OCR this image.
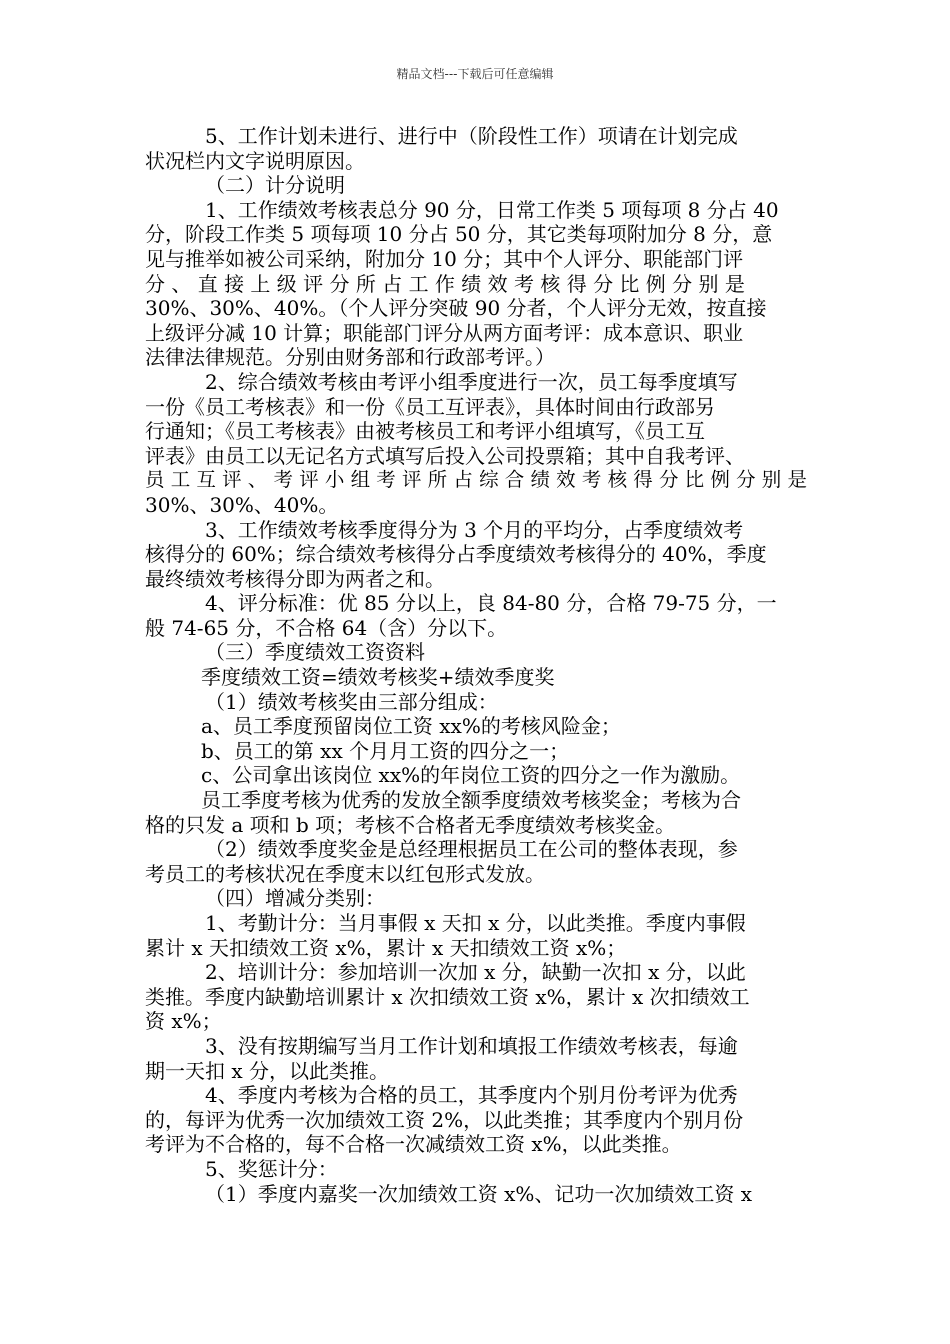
精品文档---下载后可任意编辑
5、工作计划未进行、进行中（阶段性工作）项请在计划完成
状况栏内文字说明原因。
（二）计分说明
1、工作绩效考核表总分 90 分，日常工作类 5 项每项 8 分占 40
分，阶段工作类 5 项每项 10 分占 50 分，其它类每项附加分 8 分，意
见与推举如被公司采纳，附加分 10 分；其中个人评分、职能部门评
分 、 直 接 上 级 评 分 所 占 工 作 绩 效 考 核 得 分 比 例 分 别 是
30%、30%、40%。（个人评分突破 90 分者，个人评分无效，按直接
上级评分减 10 计算；职能部门评分从两方面考评：成本意识、职业
法律法律规范。分别由财务部和行政部考评。）
2、综合绩效考核由考评小组季度进行一次，员工每季度填写
一份《员工考核表》和一份《员工互评表》，具体时间由行政部另
行通知；《员工考核表》由被考核员工和考评小组填写，《员工互
评表》由员工以无记名方式填写后投入公司投票箱；其中自我考评、
员 工 互 评 、 考 评 小 组 考 评 所 占 综 合 绩 效 考 核 得 分 比 例 分 别 是
30%、30%、40%。
3、工作绩效考核季度得分为 3 个月的平均分，占季度绩效考
核得分的 60%；综合绩效考核得分占季度绩效考核得分的 40%，季度
最终绩效考核得分即为两者之和。
4、评分标准：优 85 分以上，良 84-80 分，合格 79-75 分，一
般 74-65 分，不合格 64（含）分以下。
（三）季度绩效工资资料
季度绩效工资=绩效考核奖+绩效季度奖
（1）绩效考核奖由三部分组成：
a、员工季度预留岗位工资 xx%的考核风险金；
b、员工的第 xx 个月月工资的四分之一；
c、公司拿出该岗位 xx%的年岗位工资的四分之一作为激励。
员工季度考核为优秀的发放全额季度绩效考核奖金；考核为合
格的只发 a 项和 b 项；考核不合格者无季度绩效考核奖金。
（2）绩效季度奖金是总经理根据员工在公司的整体表现，参
考员工的考核状况在季度末以红包形式发放。
（四）增减分类别：
1、考勤计分：当月事假 x 天扣 x 分，以此类推。季度内事假
累计 x 天扣绩效工资 x%，累计 x 天扣绩效工资 x%；
2、培训计分：参加培训一次加 x 分，缺勤一次扣 x 分，以此
类推。季度内缺勤培训累计 x 次扣绩效工资 x%，累计 x 次扣绩效工
资 x%；
3、没有按期编写当月工作计划和填报工作绩效考核表，每逾
期一天扣 x 分，以此类推。
4、季度内考核为合格的员工，其季度内个别月份考评为优秀
的，每评为优秀一次加绩效工资 2%，以此类推；其季度内个别月份
考评为不合格的，每不合格一次减绩效工资 x%，以此类推。
5、奖惩计分：
（1）季度内嘉奖一次加绩效工资 x%、记功一次加绩效工资 x
